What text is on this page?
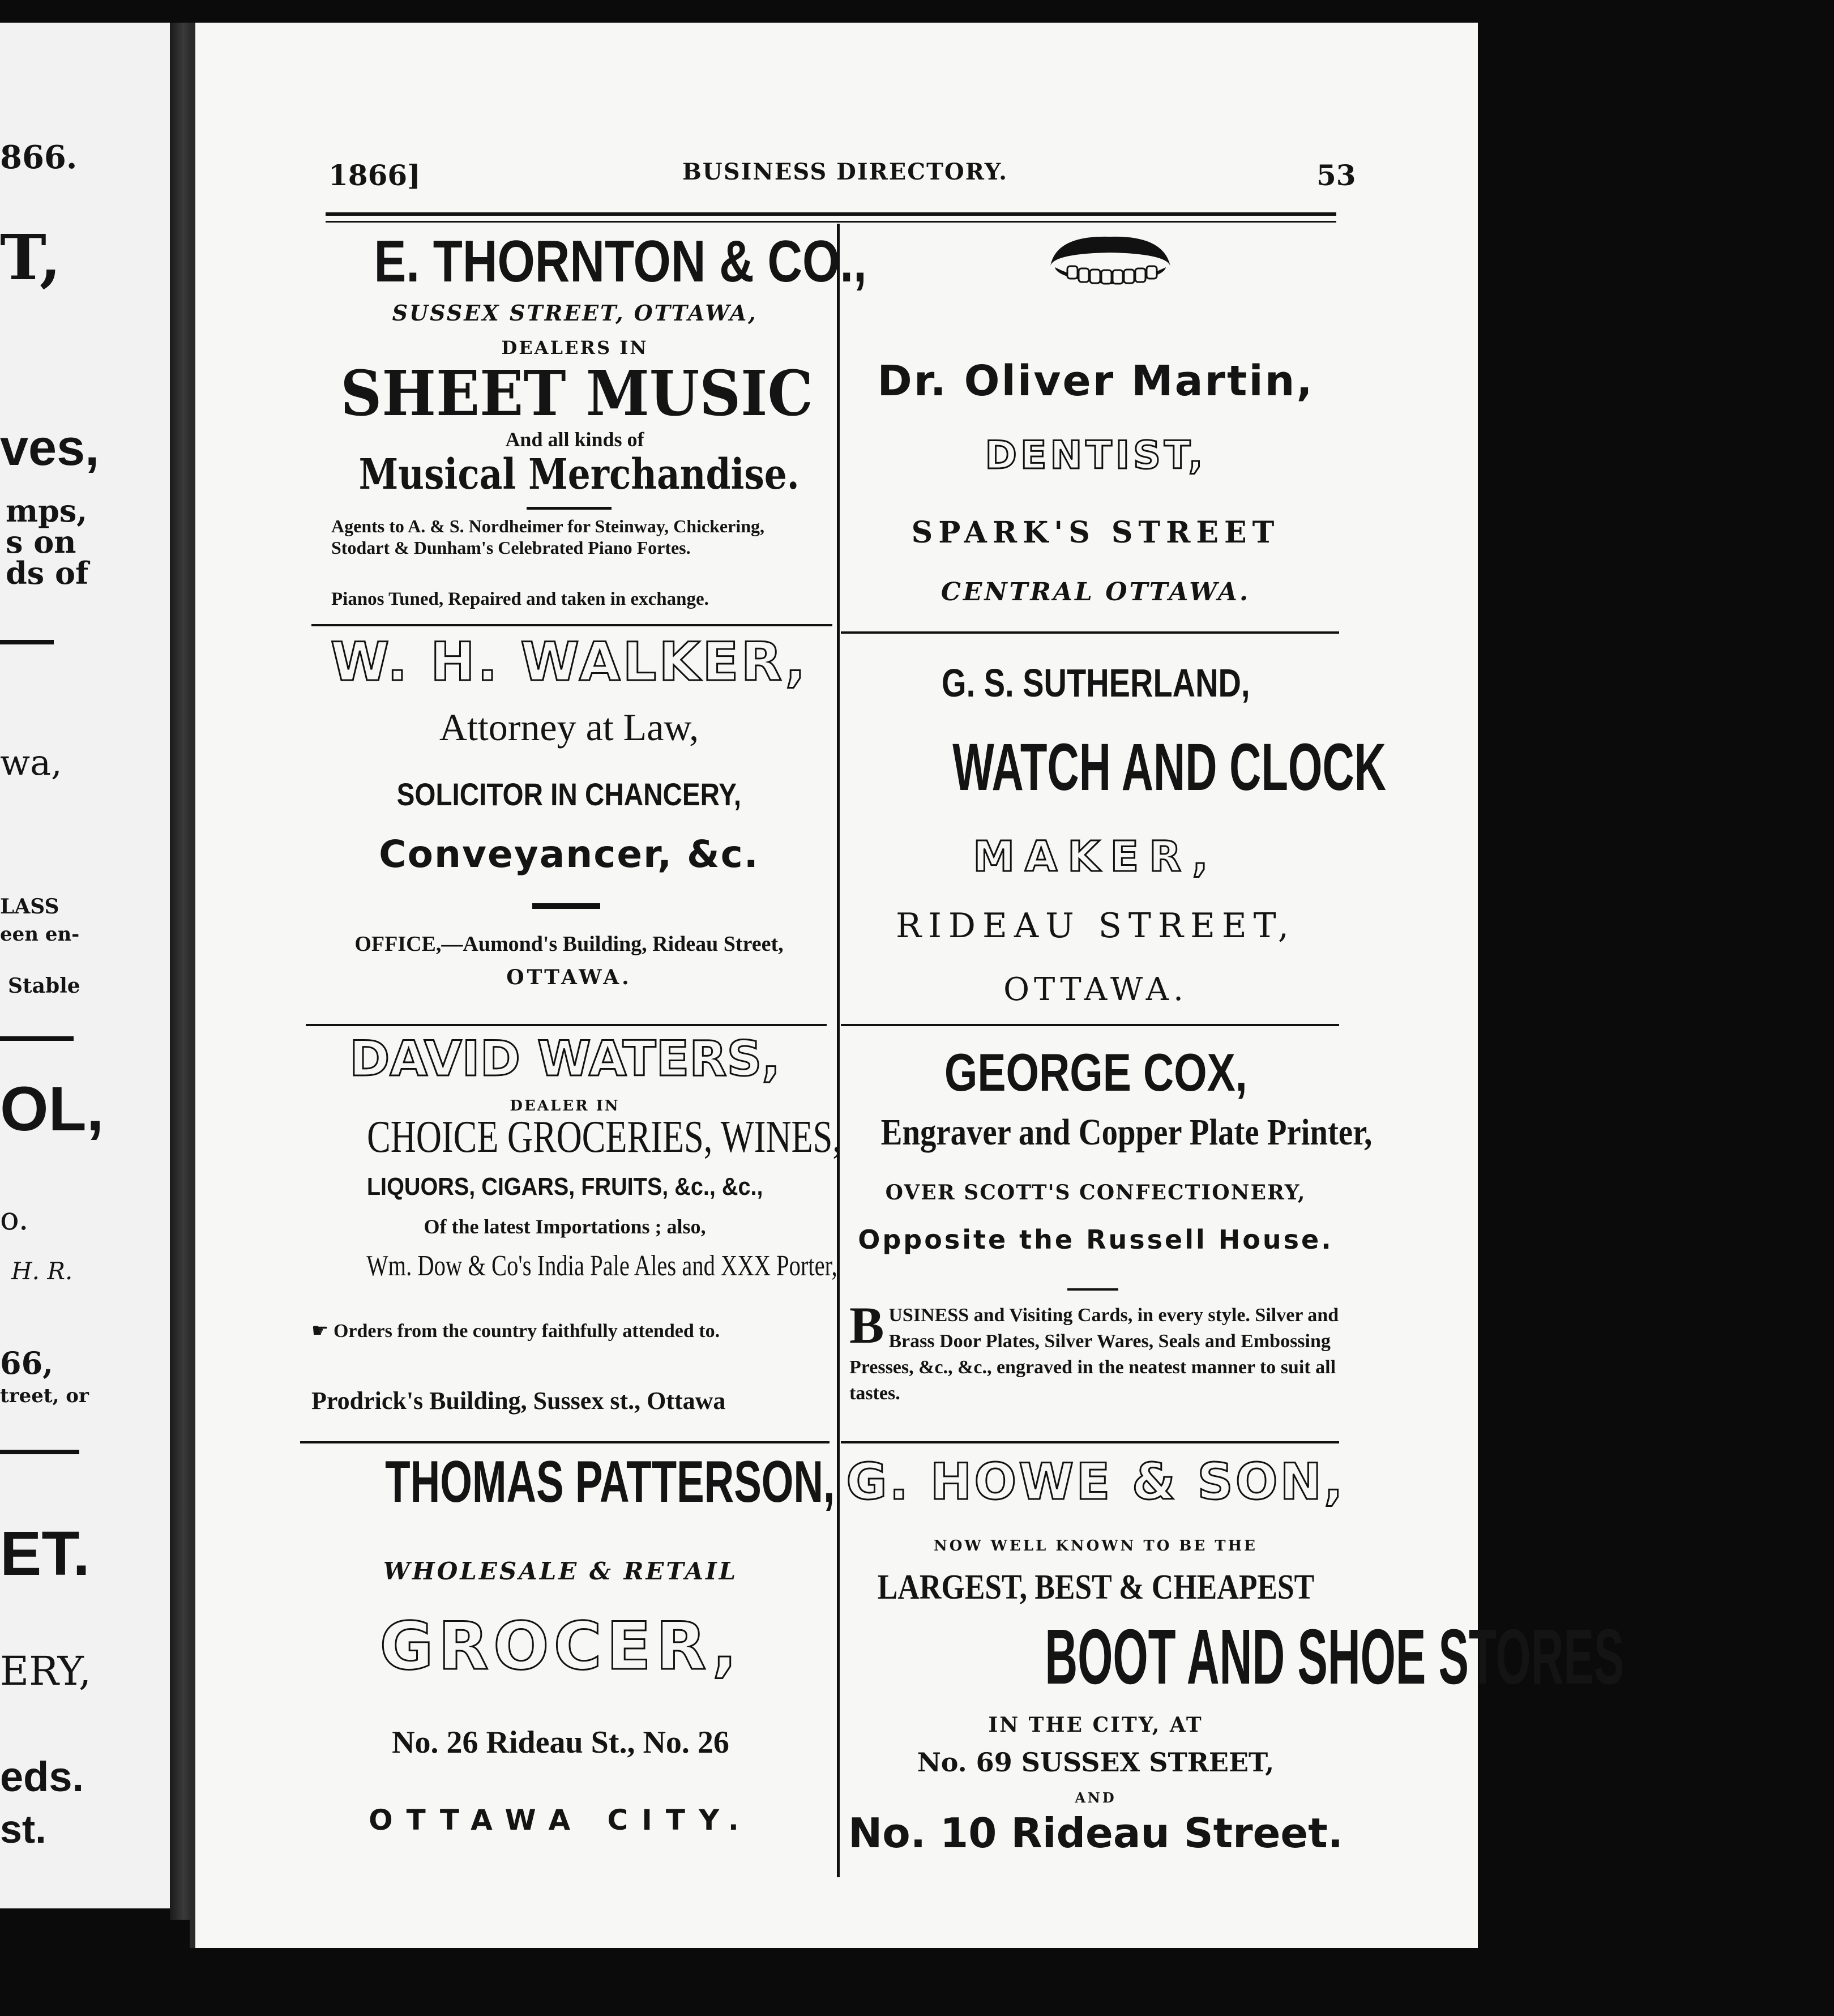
866.
T,
ves,
mps,
s on
ds of
wa,
LASS
een en-
Stable
OL,
o.
H. R.
66,
treet, or
ET.
ERY,
eds.
st.
1866]	BUSINESS DIRECTORY.	53
E. THORNTON & CO.,
SUSSEX STREET, OTTAWA,
DEALERS IN
SHEET MUSIC
And all kinds of
Musical Merchandise.
Agents to A. & S. Nordheimer for Steinway, Chickering, Stodart & Dunham's Celebrated Piano Fortes.
Pianos Tuned, Repaired and taken in exchange.
W. H. WALKER,
Attorney at Law,
SOLICITOR IN CHANCERY,
Conveyancer, &c.
OFFICE,—Aumond's Building, Rideau Street,
OTTAWA.
DAVID WATERS,
DEALER IN
CHOICE GROCERIES, WINES,
LIQUORS, CIGARS, FRUITS, &c., &c.,
Of the latest Importations ; also,
Wm. Dow & Co's India Pale Ales and XXX Porter,
☛ Orders from the country faithfully attended to.
Prodrick's Building, Sussex st., Ottawa
THOMAS PATTERSON,
WHOLESALE & RETAIL
GROCER,
No. 26 Rideau St., No. 26
OTTAWA CITY.
Dr. Oliver Martin,
DENTIST,
SPARK'S STREET
CENTRAL OTTAWA.
G. S. SUTHERLAND,
WATCH AND CLOCK
MAKER,
RIDEAU STREET,
OTTAWA.
GEORGE COX,
Engraver and Copper Plate Printer,
OVER SCOTT'S CONFECTIONERY,
Opposite the Russell House.
B USINESS and Visiting Cards, in every style. Silver and Brass Door Plates, Silver Wares, Seals and Embossing Presses, &c., &c., engraved in the neatest manner to suit all tastes.
G. HOWE & SON,
NOW WELL KNOWN TO BE THE
LARGEST, BEST & CHEAPEST
BOOT AND SHOE STORES
IN THE CITY, AT
No. 69 SUSSEX STREET,
AND
No. 10 Rideau Street.
